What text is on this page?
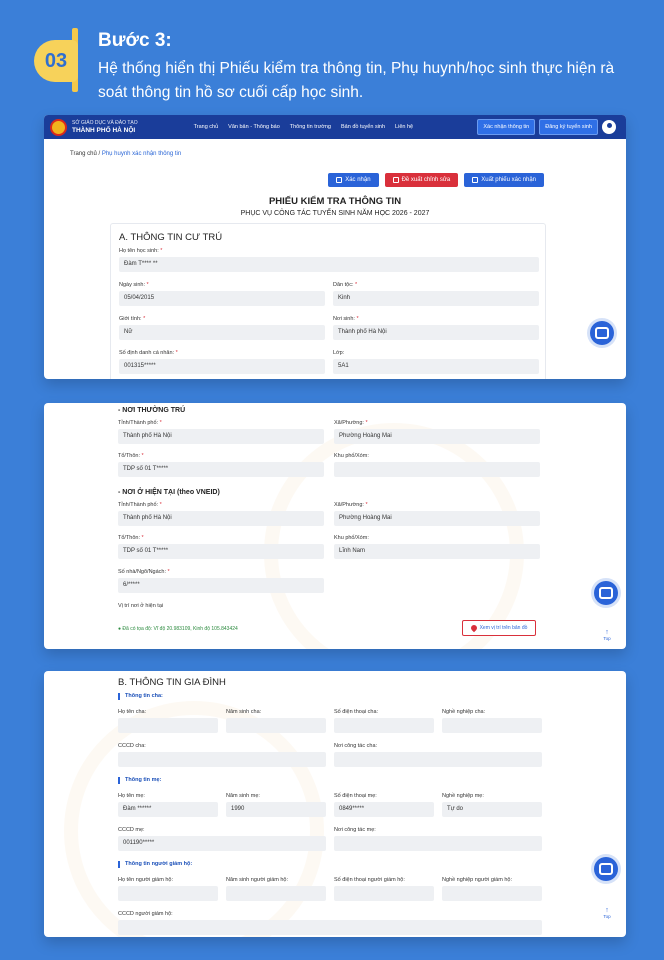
03
Bước 3:
Hệ thống hiển thị Phiếu kiểm tra thông tin, Phụ huynh/học sinh thực hiện rà soát thông tin hồ sơ cuối cấp học sinh.
SỞ GIÁO DỤC VÀ ĐÀO TẠO
THÀNH PHỐ HÀ NỘI	Trang chủ Văn bản - Thông báo Thông tin trường Bản đồ tuyển sinh Liên hệ	Xác nhận thông tin	Đăng ký tuyển sinh
Trang chủ / Phụ huynh xác nhận thông tin
Xác nhận	Đề xuất chỉnh sửa	Xuất phiếu xác nhận
PHIẾU KIỂM TRA THÔNG TIN
PHỤC VỤ CÔNG TÁC TUYỂN SINH NĂM HỌC 2026 - 2027
A. THÔNG TIN CƯ TRÚ
Họ tên học sinh: *
Đàm T**** **
Ngày sinh: *
05/04/2015
Dân tộc: *
Kinh
Giới tính: *
Nữ
Nơi sinh: *
Thành phố Hà Nội
Số định danh cá nhân: *
001315*****
Lớp:
5A1
- NƠI THƯỜNG TRÚ
Tỉnh/Thành phố: *
Thành phố Hà Nội
Xã/Phường: *
Phường Hoàng Mai
Tổ/Thôn: *
TDP số 01 T*****
Khu phố/Xóm:
- NƠI Ở HIỆN TẠI (theo VNEID)
Tỉnh/Thành phố: *
Thành phố Hà Nội
Xã/Phường: *
Phường Hoàng Mai
Tổ/Thôn: *
TDP số 01 T*****
Khu phố/Xóm:
Lĩnh Nam
Số nhà/Ngõ/Ngách: *
6/*****
Vị trí nơi ở hiện tại
● Đã có tọa độ: Vĩ độ 20.983109, Kinh độ 105.843424	Xem vị trí trên bản đồ
↑
Top
B. THÔNG TIN GIA ĐÌNH
Thông tin cha:
Họ tên cha:	Năm sinh cha:	Số điện thoại cha:	Nghề nghiệp cha:
CCCD cha:	Nơi công tác cha:
Thông tin mẹ:
Họ tên mẹ:
Đàm ******
Năm sinh mẹ:
1990
Số điện thoại mẹ:
0849*****
Nghề nghiệp mẹ:
Tự do
CCCD mẹ:
001190*****
Nơi công tác mẹ:
Thông tin người giám hộ:
Họ tên người giám hộ:	Năm sinh người giám hộ:	Số điện thoại người giám hộ:	Nghề nghiệp người giám hộ:
CCCD người giám hộ:	↑
Top
